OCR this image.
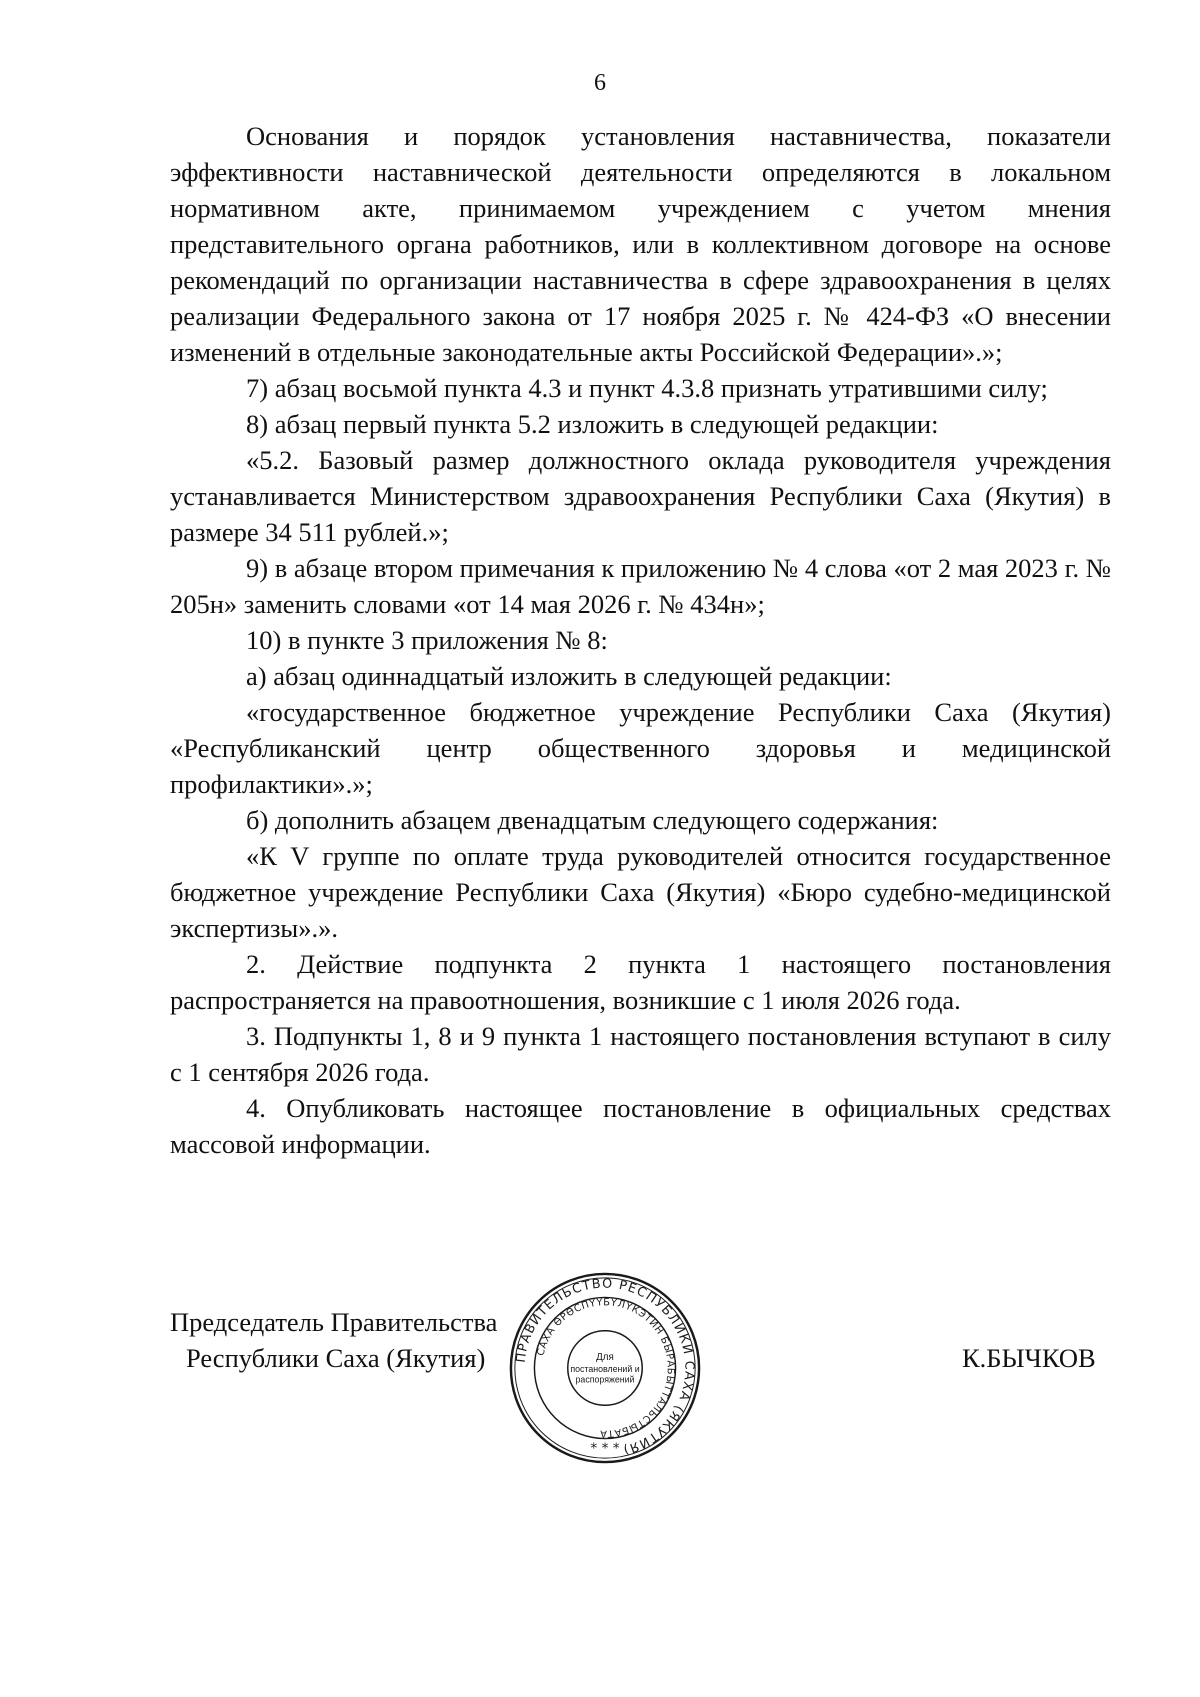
6

Основания и порядок установления наставничества, показатели эффективности наставнической деятельности определяются в локальном нормативном акте, принимаемом учреждением с учетом мнения представительного органа работников, или в коллективном договоре на основе рекомендаций по организации наставничества в сфере здравоохранения в целях реализации Федерального закона от 17 ноября 2025 г. № 424-ФЗ «О внесении изменений в отдельные законодательные акты Российской Федерации».»;

7) абзац восьмой пункта 4.3 и пункт 4.3.8 признать утратившими силу;

8) абзац первый пункта 5.2 изложить в следующей редакции:

«5.2. Базовый размер должностного оклада руководителя учреждения устанавливается Министерством здравоохранения Республики Саха (Якутия) в размере 34 511 рублей.»;

9) в абзаце втором примечания к приложению № 4 слова «от 2 мая 2023 г. № 205н» заменить словами «от 14 мая 2026 г. № 434н»;

10) в пункте 3 приложения № 8:

а) абзац одиннадцатый изложить в следующей редакции:

«государственное бюджетное учреждение Республики Саха (Якутия) «Республиканский центр общественного здоровья и медицинской профилактики».»;

б) дополнить абзацем двенадцатым следующего содержания:

«К V группе по оплате труда руководителей относится государственное бюджетное учреждение Республики Саха (Якутия) «Бюро судебно-медицинской экспертизы».».

2. Действие подпункта 2 пункта 1 настоящего постановления распространяется на правоотношения, возникшие с 1 июля 2026 года.

3. Подпункты 1, 8 и 9 пункта 1 настоящего постановления вступают в силу с 1 сентября 2026 года.

4. Опубликовать настоящее постановление в официальных средствах массовой информации.

Председатель Правительства
Республики Саха (Якутия)	ПРАВИТЕЛЬСТВО РЕСПУБЛИКИ САХА (ЯКУТИЯ)
САХА ӨРӨСПҮҮБҮЛҮКЭТИН БЫРАБЫТТАЛЬСТЫБАТА
Для
постановлений и
распоряжений
* * *
К.БЫЧКОВ
